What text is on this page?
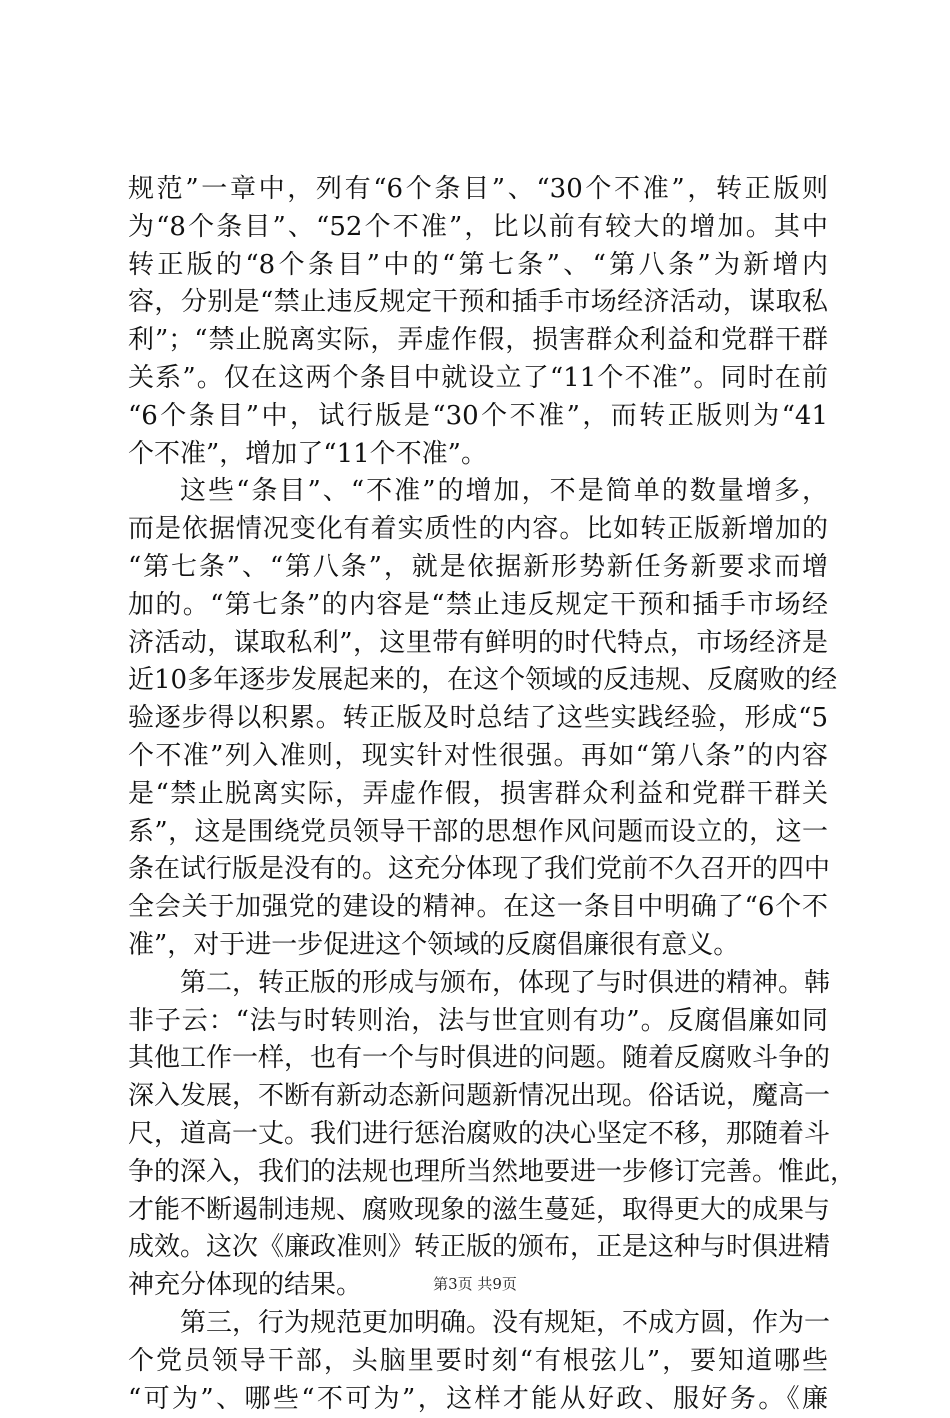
规范”一章中，列有“6个条目”、“30个不准”，转正版则
为“8个条目”、“52个不准”，比以前有较大的增加。其中
转正版的“8个条目”中的“第七条”、“第八条”为新增内
容，分别是“禁止违反规定干预和插手市场经济活动，谋取私
利”；“禁止脱离实际，弄虚作假，损害群众利益和党群干群
关系”。仅在这两个条目中就设立了“11个不准”。同时在前
“6个条目”中，试行版是“30个不准”，而转正版则为“41
个不准”，增加了“11个不准”。
这些“条目”、“不准”的增加，不是简单的数量增多，
而是依据情况变化有着实质性的内容。比如转正版新增加的
“第七条”、“第八条”，就是依据新形势新任务新要求而增
加的。“第七条”的内容是“禁止违反规定干预和插手市场经
济活动，谋取私利”，这里带有鲜明的时代特点，市场经济是
近10多年逐步发展起来的，在这个领域的反违规、反腐败的经
验逐步得以积累。转正版及时总结了这些实践经验，形成“5
个不准”列入准则，现实针对性很强。再如“第八条”的内容
是“禁止脱离实际，弄虚作假，损害群众利益和党群干群关
系”，这是围绕党员领导干部的思想作风问题而设立的，这一
条在试行版是没有的。这充分体现了我们党前不久召开的四中
全会关于加强党的建设的精神。在这一条目中明确了“6个不
准”，对于进一步促进这个领域的反腐倡廉很有意义。
第二，转正版的形成与颁布，体现了与时俱进的精神。韩
非子云：“法与时转则治，法与世宜则有功”。反腐倡廉如同
其他工作一样，也有一个与时俱进的问题。随着反腐败斗争的
深入发展，不断有新动态新问题新情况出现。俗话说，魔高一
尺，道高一丈。我们进行惩治腐败的决心坚定不移，那随着斗
争的深入，我们的法规也理所当然地要进一步修订完善。惟此，
才能不断遏制违规、腐败现象的滋生蔓延，取得更大的成果与
成效。这次《廉政准则》转正版的颁布，正是这种与时俱进精
神充分体现的结果。
第三，行为规范更加明确。没有规矩，不成方圆，作为一
个党员领导干部，头脑里要时刻“有根弦儿”，要知道哪些
“可为”、哪些“不可为”，这样才能从好政、服好务。《廉
第3页 共9页
